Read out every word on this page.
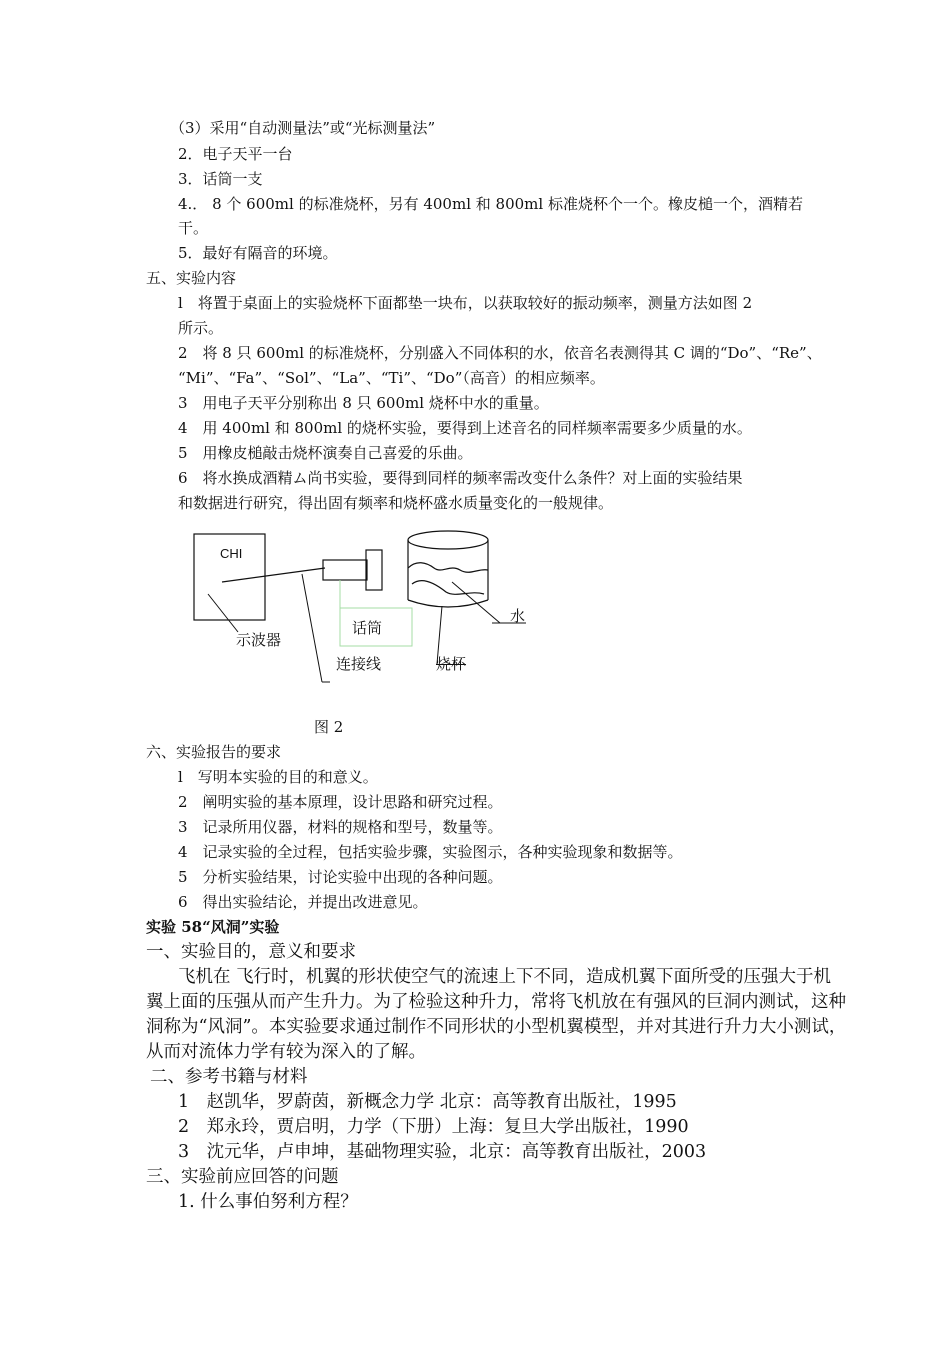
（3）采用“自动测量法”或“光标测量法”
2．电子天平一台
3．话筒一支
4.． 8 个 600ml 的标准烧杯，另有 400ml 和 800ml 标准烧杯个一个。橡皮槌一个，酒精若
干。
5．最好有隔音的环境。
五、实验内容
l　将置于桌面上的实验烧杯下面都垫一块布，以获取较好的振动频率，测量方法如图 2
所示。
2　将 8 只 600ml 的标准烧杯，分别盛入不同体积的水，依音名表测得其 C 调的“Do”、“Re”、
“Mi”、“Fa”、“Sol”、“La”、“Ti”、“Do”（高音）的相应频率。
3　用电子天平分别称出 8 只 600ml 烧杯中水的重量。
4　用 400ml 和 800ml 的烧杯实验，要得到上述音名的同样频率需要多少质量的水。
5　用橡皮槌敲击烧杯演奏自己喜爱的乐曲。
6　将水换成酒精ム尚书实验，要得到同样的频率需改变什么条件？对上面的实验结果
和数据进行研究，得出固有频率和烧杯盛水质量变化的一般规律。
CHI
示波器
话筒
连接线	烧杯
水
图 2
六、实验报告的要求
l　写明本实验的目的和意义。
2　阐明实验的基本原理，设计思路和研究过程。
3　记录所用仪器，材料的规格和型号，数量等。
4　记录实验的全过程，包括实验步骤，实验图示，各种实验现象和数据等。
5　分析实验结果，讨论实验中出现的各种问题。
6　得出实验结论，并提出改进意见。
实验 58“风洞”实验
一、实验目的，意义和要求
飞机在 飞行时，机翼的形状使空气的流速上下不同，造成机翼下面所受的压强大于机
翼上面的压强从而产生升力。为了检验这种升力，常将飞机放在有强风的巨洞内测试，这种
洞称为“风洞”。本实验要求通过制作不同形状的小型机翼模型，并对其进行升力大小测试，
从而对流体力学有较为深入的了解。
二、参考书籍与材料
1　赵凯华，罗蔚茵，新概念力学 北京：高等教育出版社，1995
2　郑永玲，贾启明，力学（下册）上海：复旦大学出版社，1990
3　沈元华，卢申坤，基础物理实验，北京：高等教育出版社，2003
三、实验前应回答的问题
1. 什么事伯努利方程？
